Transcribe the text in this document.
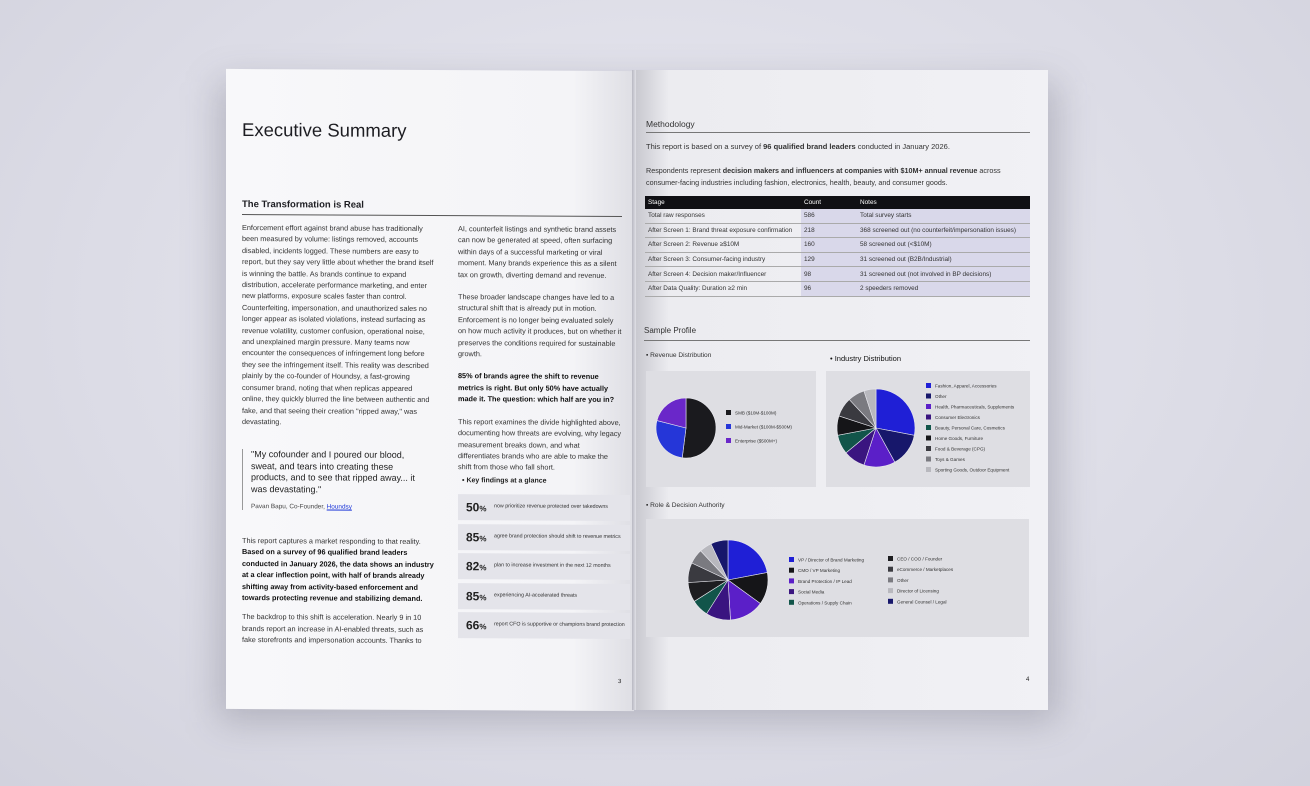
Executive Summary
The Transformation is Real
Enforcement effort against brand abuse has traditionally been measured by volume: listings removed, accounts disabled, incidents logged. These numbers are easy to report, but they say very little about whether the brand itself is winning the battle. As brands continue to expand distribution, accelerate performance marketing, and enter new platforms, exposure scales faster than control. Counterfeiting, impersonation, and unauthorized sales no longer appear as isolated violations, instead surfacing as revenue volatility, customer confusion, operational noise, and unexplained margin pressure. Many teams now encounter the consequences of infringement long before they see the infringement itself. This reality was described plainly by the co-founder of Houndsy, a fast-growing consumer brand, noting that when replicas appeared online, they quickly blurred the line between authentic and fake, and that seeing their creation "ripped away," was devastating.
"My cofounder and I poured our blood, sweat, and tears into creating these products, and to see that ripped away... it was devastating."
Pavan Bapu, Co-Founder, Houndsy
This report captures a market responding to that reality. Based on a survey of 96 qualified brand leaders conducted in January 2026, the data shows an industry at a clear inflection point, with half of brands already shifting away from activity-based enforcement and towards protecting revenue and stabilizing demand.
The backdrop to this shift is acceleration. Nearly 9 in 10 brands report an increase in AI-enabled threats, such as fake storefronts and impersonation accounts. Thanks to
AI, counterfeit listings and synthetic brand assets can now be generated at speed, often surfacing within days of a successful marketing or viral moment. Many brands experience this as a silent tax on growth, diverting demand and revenue.
These broader landscape changes have led to a structural shift that is already put in motion. Enforcement is no longer being evaluated solely on how much activity it produces, but on whether it preserves the conditions required for sustainable growth.
85% of brands agree the shift to revenue metrics is right. But only 50% have actually made it. The question: which half are you in?
This report examines the divide highlighted above, documenting how threats are evolving, why legacy measurement breaks down, and what differentiates brands who are able to make the shift from those who fall short.
▪ Key findings at a glance
50% now prioritize revenue protected over takedowns
85% agree brand protection should shift to revenue metrics
82% plan to increase investment in the next 12 months
85% experiencing AI-accelerated threats
66% report CFO is supportive or champions brand protection
3
Methodology
This report is based on a survey of 96 qualified brand leaders conducted in January 2026.
Respondents represent decision makers and influencers at companies with $10M+ annual revenue across consumer-facing industries including fashion, electronics, health, beauty, and consumer goods.
Stage	Count	Notes
Total raw responses	586	Total survey starts
After Screen 1: Brand threat exposure confirmation	218	368 screened out (no counterfeit/impersonation issues)
After Screen 2: Revenue ≥$10M	160	58 screened out (<$10M)
After Screen 3: Consumer-facing industry	129	31 screened out (B2B/Industrial)
After Screen 4: Decision maker/Influencer	98	31 screened out (not involved in BP decisions)
After Data Quality: Duration ≥2 min	96	2 speeders removed
Sample Profile
▪ Revenue Distribution	• Industry Distribution
SMB ($10M-$100M)
Mid-Market ($100M-$500M)
Enterprise ($500M+)
Fashion, Apparel, Accessories
Other
Health, Pharmaceuticals, Supplements
Consumer Electronics
Beauty, Personal Care, Cosmetics
Home Goods, Furniture
Food & Beverage (CPG)
Toys & Games
Sporting Goods, Outdoor Equipment
▪ Role & Decision Authority
VP / Director of Brand Marketing
CMO / VP Marketing
Brand Protection / IP Lead
Social Media
Operations / Supply Chain
CEO / COO / Founder
eCommerce / Marketplaces
Other
Director of Licensing
General Counsel / Legal
4
